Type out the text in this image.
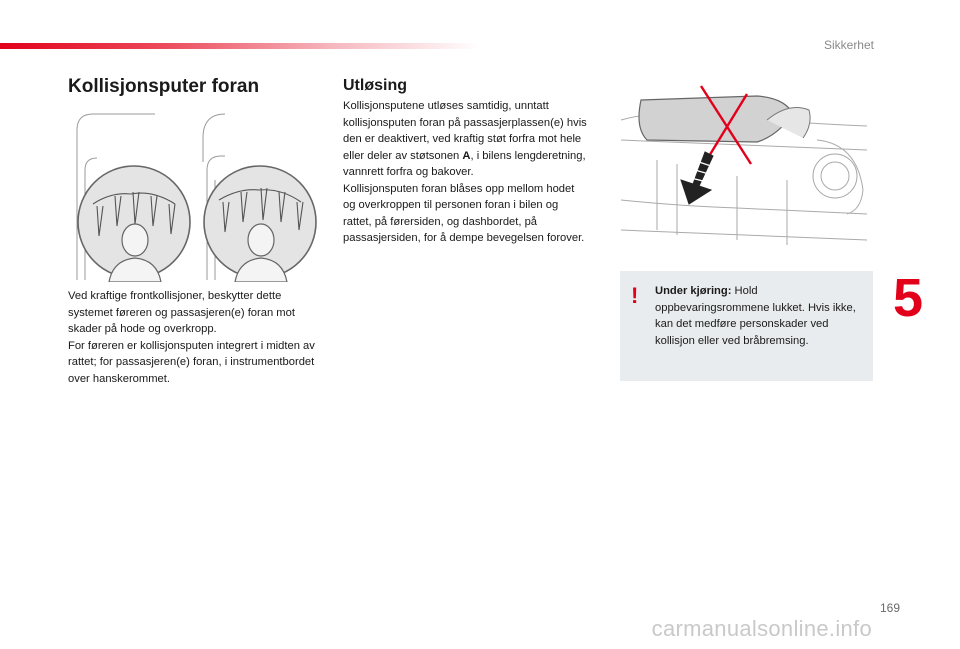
Sikkerhet
Kollisjonsputer foran	Utløsing

Ved kraftige frontkollisjoner, beskytter dette systemet føreren og passasjeren(e) foran mot skader på hode og overkropp.

For føreren er kollisjonsputen integrert i midten av rattet; for passasjeren(e) foran, i instrumentbordet over hanskerommet.

Kollisjonsputene utløses samtidig, unntatt kollisjonsputen foran på passasjerplassen(e) hvis den er deaktivert, ved kraftig støt forfra mot hele eller deler av støtsonen A, i bilens lengderetning, vannrett forfra og bakover.

Kollisjonsputen foran blåses opp mellom hodet og overkroppen til personen foran i bilen og rattet, på førersiden, og dashbordet, på passasjersiden, for å dempe bevegelsen forover.

! Under kjøring: Hold oppbevaringsrommene lukket. Hvis ikke, kan det medføre personskader ved kollisjon eller ved bråbremsing.

5
169
carmanualsonline.info
